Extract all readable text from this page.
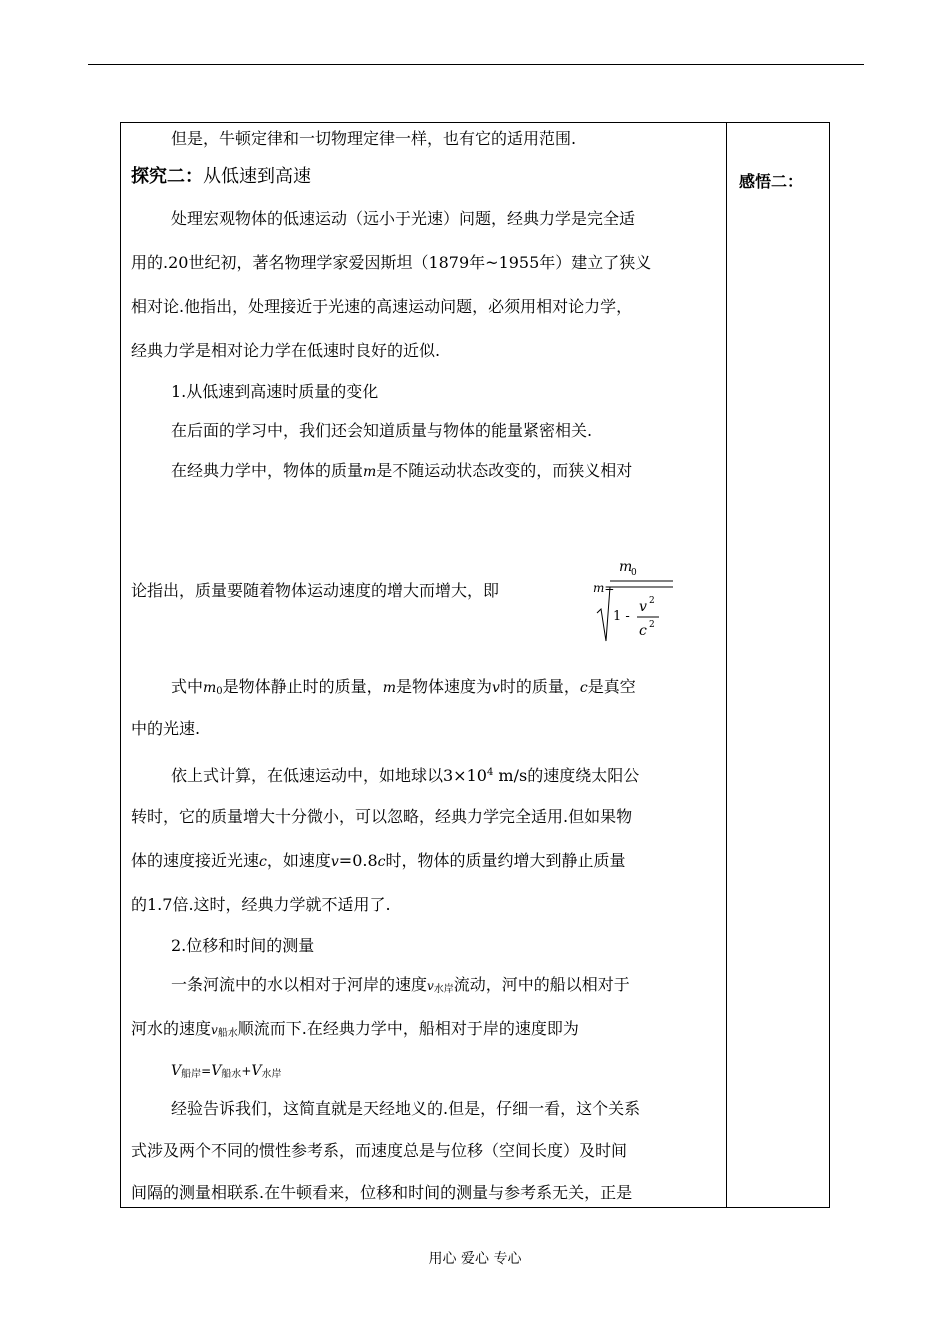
感悟二：
但是，牛顿定律和一切物理定律一样，也有它的适用范围.
探究二：从低速到高速
处理宏观物体的低速运动（远小于光速）问题，经典力学是完全适
用的.20世纪初，著名物理学家爱因斯坦（1879年~1955年）建立了狭义
相对论.他指出，处理接近于光速的高速运动问题，必须用相对论力学，
经典力学是相对论力学在低速时良好的近似.
1.从低速到高速时质量的变化
在后面的学习中，我们还会知道质量与物体的能量紧密相关.
在经典力学中，物体的质量m是不随运动状态改变的，而狭义相对
论指出，质量要随着物体运动速度的增大而增大，即	m=
m
0
1 -
v 2
c 2
式中$m_0$是物体静止时的质量，m是物体速度为v时的质量，c是真空
中的光速.
依上式计算，在低速运动中，如地球以$3\times 10^4$ m/s的速度绕太阳公
转时，它的质量增大十分微小，可以忽略，经典力学完全适用.但如果物
体的速度接近光速c，如速度v=0.8c时，物体的质量约增大到静止质量
的1.7倍.这时，经典力学就不适用了.
2.位移和时间的测量
一条河流中的水以相对于河岸的速度$v_{水岸}$流动，河中的船以相对于
河水的速度$v_{船水}$顺流而下.在经典力学中，船相对于岸的速度即为
$V_{船岸}=V_{船水}+V_{水岸}$
经验告诉我们，这简直就是天经地义的.但是，仔细一看，这个关系
式涉及两个不同的惯性参考系，而速度总是与位移（空间长度）及时间
间隔的测量相联系.在牛顿看来，位移和时间的测量与参考系无关，正是
用心 爱心 专心
